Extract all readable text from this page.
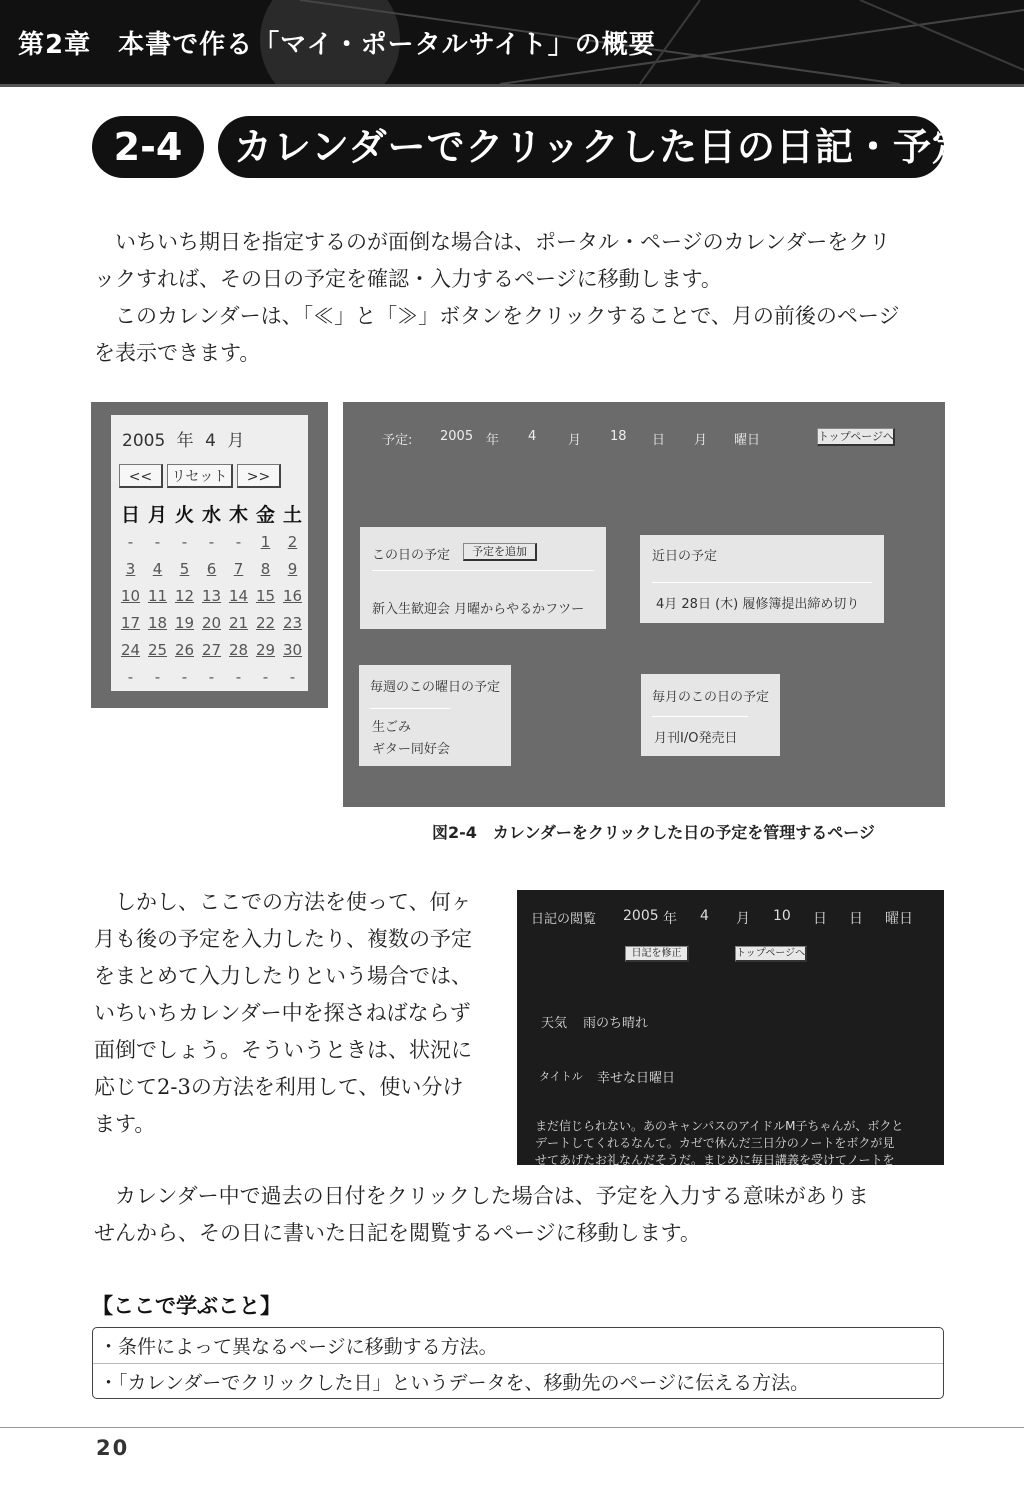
第2章　本書で作る「マイ・ポータルサイト」の概要
2-4	カレンダーでクリックした日の日記・予定

いちいち期日を指定するのが面倒な場合は、ポータル・ページのカレンダーをクリ

ックすれば、その日の予定を確認・入力するページに移動します。

このカレンダーは、「≪」と「≫」ボタンをクリックすることで、月の前後のページ

を表示できます。

2005 年 4 月
<<	リセット	>>
日	月	火	水	木	金	土
-	-	-	-	-	1	2
3	4	5	6	7	8	9
10	11	12	13	14	15	16
17	18	19	20	21	22	23
24	25	26	27	28	29	30
-	-	-	-	-	-	-
予定: 2005 年 4 月 18 日 月 曜日	トップページへ
この日の予定	予定を追加
新入生歓迎会 月曜からやるかフツー
近日の予定
4月 28日 (木) 履修簿提出締め切り
毎週のこの曜日の予定
生ごみ
ギター同好会
毎月のこの日の予定
月刊I/O発売日
図2-4　カレンダーをクリックした日の予定を管理するページ

しかし、ここでの方法を使って、何ヶ

月も後の予定を入力したり、複数の予定

をまとめて入力したりという場合では、

いちいちカレンダー中を探さねばならず

面倒でしょう。そういうときは、状況に

応じて2-3の方法を利用して、使い分け

ます。

日記の閲覧 2005 年 4 月 10 日 日 曜日
日記を修正	トップページへ
天気 雨のち晴れ
タイトル 幸せな日曜日
まだ信じられない。あのキャンパスのアイドルM子ちゃんが、ボクと
デートしてくれるなんて。カゼで休んだ三日分のノートをボクが見
せてあげたお礼なんだそうだ。まじめに毎日講義を受けてノートを

カレンダー中で過去の日付をクリックした場合は、予定を入力する意味がありま

せんから、その日に書いた日記を閲覧するページに移動します。

【ここで学ぶこと】
・条件によって異なるページに移動する方法。
・「カレンダーでクリックした日」というデータを、移動先のページに伝える方法。
20
